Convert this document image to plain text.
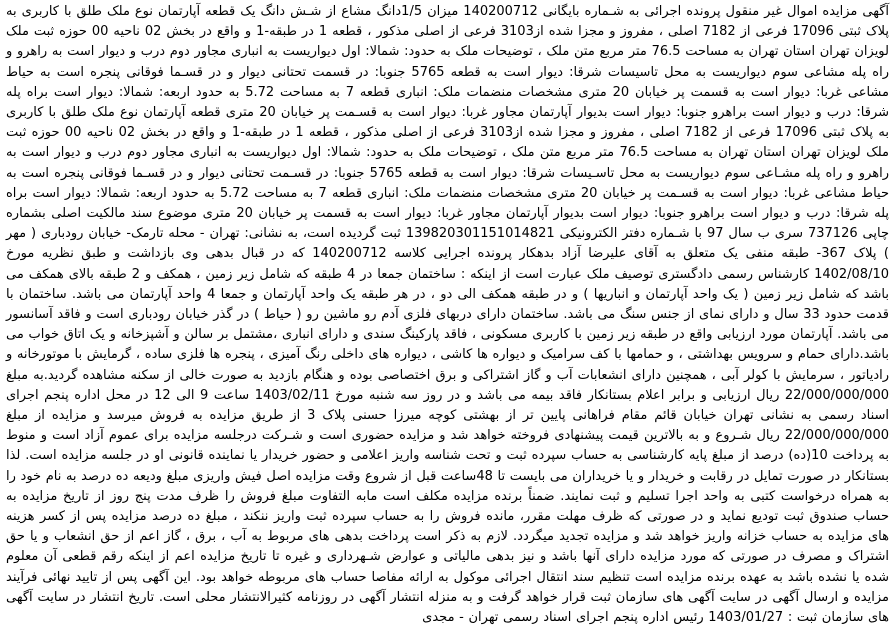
آگهی مزایده اموال غیر منقول پرونده اجرائی به شـماره بایگانی 140200712 میزان 1/5دانگ مشاع از شـش دانگ یک قطعه آپارتمان نوع ملک طلق با کاربری به پلاک ثبتی 17096 فرعی از 7182 اصلی ، مفروز و مجزا شده از3103 فرعی از اصلی مذکور ، قطعه 1 در طبقه-1 و واقع در بخش 02 ناحیه 00 حوزه ثبت ملک لویزان تهران استان تهران به مساحت 76.5 متر مربع متن ملک ، توضیحات ملک به حدود: شمالا: اول دیواریست به انباری مجاور دوم درب و دیوار است به راهرو و راه پله مشاعی سوم دیواریست به محل تاسیسات شرقا: دیوار است به قطعه 5765 جنوبا: در قسمت تحتانی دیوار و در قسـما فوقانی پنجره است به حیاط مشاعی غربا: دیوار است به قسمت پر خیابان 20 متری مشخصات منضمات ملک: انباری قطعه 7 به مساحت 5.72 به حدود اربعه: شمالا: دیوار است براه پله شرقا: درب و دیوار است براهرو جنوبا: دیوار است بدیوار آپارتمان مجاور غربا: دیوار است به قسـمت پر خیابان 20 متری قطعه آپارتمان نوع ملک طلق با کاربری به پلاک ثبتی 17096 فرعی از 7182 اصلی ، مفروز و مجزا شده از3103 فرعی از اصلی مذکور ، قطعه 1 در طبقه-1 و واقع در بخش 02 ناحیه 00 حوزه ثبت ملک لویزان تهران استان تهران به مساحت 76.5 متر مربع متن ملک ، توضیحات ملک به حدود: شمالا: اول دیواریست به انباری مجاور دوم درب و دیوار است به راهرو و راه پله مشـاعی سوم دیواریست به محل تاسـیسات شرقا: دیوار است به قطعه 5765 جنوبا: در قسـمت تحتانی دیوار و در قسـما فوقانی پنجره است به حیاط مشاعی غربا: دیوار است به قسـمت پر خیابان 20 متری مشخصات منضمات ملک: انباری قطعه 7 به مساحت 5.72 به حدود اربعه: شمالا: دیوار است براه پله شرقا: درب و دیوار است براهرو جنوبا: دیوار است بدیوار آپارتمان مجاور غربا: دیوار است به قسمت پر خیابان 20 متری موضوع سند مالکیت اصلی بشماره چاپی 737126 سری ب سال 97 با شـماره دفتر الکترونیکی 139820301151014821 ثبت گردیده است، به نشانی: تهران - محله تارمک- خیابان رودباری ( مهر ) پلاک 367- طبقه منفی یک متعلق به آقای علیرضا آزاد بدهکار پرونده اجرایی کلاسه 140200712 که در قبال بدهی وی بازداشت و طبق نظریه مورخ 1402/08/10 کارشناس رسمی دادگستری توصیف ملک عبارت است از اینکه : ساختمان جمعا در 4 طبقه که شامل زیر زمین ، همکف و 2 طبقه بالای همکف می باشد که شامل زیر زمین ( یک واحد آپارتمان و انباریها ) و در طبقه همکف الی دو ، در هر طبقه یک واحد آپارتمان و جمعا 4 واحد آپارتمان می باشد. ساختمان با قدمت حدود 33 سال و دارای نمای از جنس سنگ می باشد. ساختمان دارای دربهای فلزی آدم رو ماشین رو ( حیاط ) در گذر خیابان رودباری است و فاقد آسانسور می باشد. آپارتمان مورد ارزیابی واقع در طبقه زیر زمین با کاربری مسکونی ، فاقد پارکینگ سندی و دارای انباری ،مشتمل بر سالن و آشپزخانه و یک اتاق خواب می باشد.دارای حمام و سرویس بهداشتی ، و حمامها با کف سرامیک و دیواره ها کاشی ، دیواره های داخلی رنگ آمیزی ، پنجره ها فلزی ساده ، گرمایش با موتورخانه و رادیاتور ، سرمایش با کولر آبی ، همچنین دارای انشعابات آب و گاز اشتراکی و برق اختصاصی بوده و هنگام بازدید به صورت خالی از سکنه مشاهده گردید.به مبلغ 22/000/000/000 ریال ارزیابی و برابر اعلام بستانکار فاقد بیمه می باشد و در روز سه شنبه مورخ 1403/02/11 ساعت 9 الی 12 در محل اداره پنجم اجرای اسناد رسمی به نشانی تهران خیابان قائم مقام فراهانی پایین تر از بهشتی کوچه میرزا حسنی پلاک 3 از طریق مزایده به فروش میرسد و مزایده از مبلغ 22/000/000/000 ریال شـروع و به بالاترین قیمت پیشنهادی فروخته خواهد شد و مزایده حضوری است و شـرکت درجلسه مزایده برای عموم آزاد است و منوط به پرداخت 10(ده) درصد از مبلغ پایه کارشناسی به حساب سپرده ثبت و تحت شناسه واریز اعلامی و حضور خریدار یا نماینده قانونی او در جلسه مزایده است. لذا بستانکار در صورت تمایل در رقابت و خریدار و یا خریداران می بایست تا 48ساعت قبل از شروع وقت مزایده اصل فیش واریزی مبلغ ودیعه ده درصد به نام خود را به همراه درخواست کتبی به واحد اجرا تسلیم و ثبت نمایند. ضمناً برنده مزایده مکلف است مابه التفاوت مبلغ فروش را ظرف مدت پنج روز از تاریخ مزایده به حساب صندوق ثبت تودیع نماید و در صورتی که ظرف مهلت مقرر، مانده فروش را به حساب سپرده ثبت واریز ننکند ، مبلغ ده درصد مزایده پس از کسر هزینه های مزایده به حساب خزانه واریز خواهد شد و مزایده تجدید میگردد. لازم به ذکر است پرداخت بدهی های مربوط به آب ، برق ، گاز اعم از حق انشعاب و یا حق اشتراک و مصرف در صورتی که مورد مزایده دارای آنها باشد و نیز بدهی مالیاتی و عوارض شـهرداری و غیره تا تاریخ مزایده اعم از اینکه رقم قطعی آن معلوم شده یا نشده باشد به عهده برنده مزایده است تنظیم سند انتقال اجرائی موکول به ارائه مفاصا حساب های مربوطه خواهد بود. این آگهی پس از تایید نهائی فرآیند مزایده و ارسال آگهی در سایت آگهی های سازمان ثبت قرار خواهد گرفت و به منزله انتشار آگهی در روزنامه کثیرالانتشار محلی است. تاریخ انتشار در سایت آگهی های سازمان ثبت : 1403/01/27 رئیس اداره پنجم اجرای اسناد رسمی تهران - مجدی
